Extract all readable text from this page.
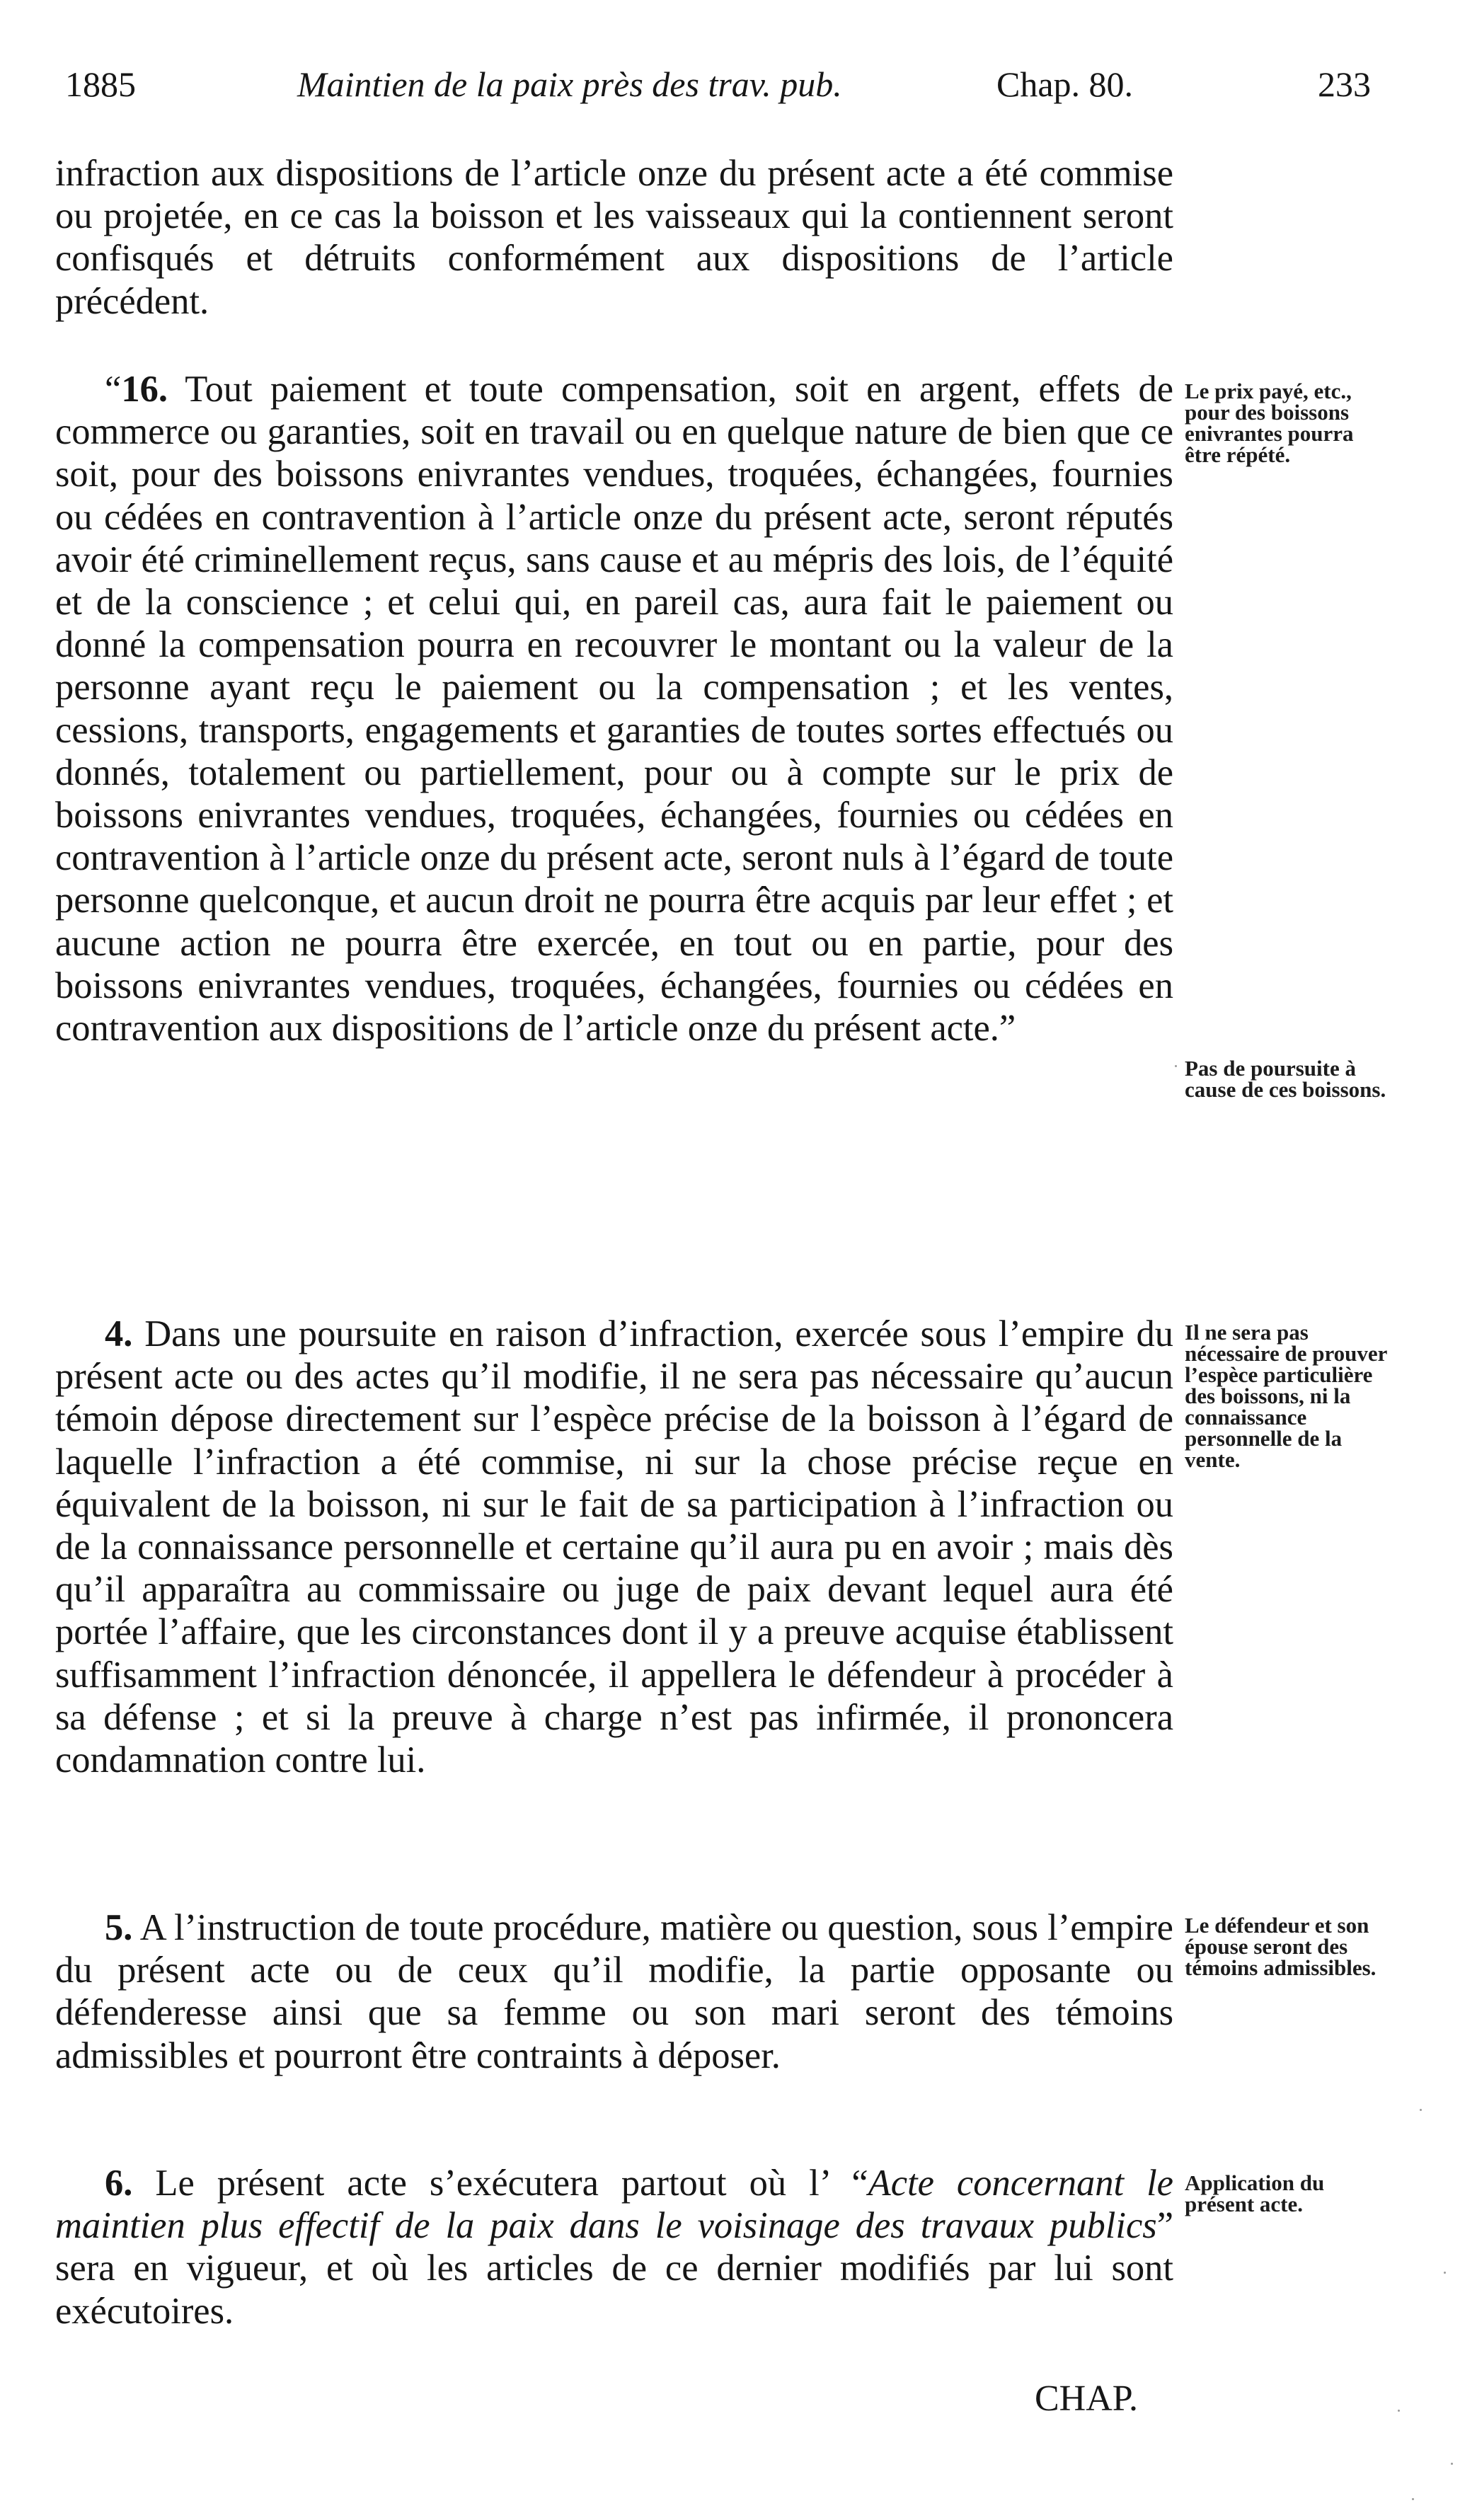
1885	Maintien de la paix près des trav. pub.	Chap. 80.	233

infraction aux dispositions de l’article onze du présent acte a été commise ou projetée, en ce cas la boisson et les vaisseaux qui la contiennent seront confisqués et détruits conformément aux dispositions de l’article précédent.

“16. Tout paiement et toute compensation, soit en argent, effets de commerce ou garanties, soit en travail ou en quelque nature de bien que ce soit, pour des boissons enivrantes vendues, troquées, échangées, fournies ou cédées en contravention à l’article onze du présent acte, seront réputés avoir été criminellement reçus, sans cause et au mépris des lois, de l’équité et de la conscience ; et celui qui, en pareil cas, aura fait le paiement ou donné la compensation pourra en recouvrer le montant ou la valeur de la personne ayant reçu le paiement ou la compensation ; et les ventes, cessions, transports, engagements et garanties de toutes sortes effectués ou donnés, totalement ou partiellement, pour ou à compte sur le prix de boissons enivrantes vendues, troquées, échangées, fournies ou cédées en contravention à l’article onze du présent acte, seront nuls à l’égard de toute personne quelconque, et aucun droit ne pourra être acquis par leur effet ; et aucune action ne pourra être exercée, en tout ou en partie, pour des boissons enivrantes vendues, troquées, échangées, fournies ou cédées en contravention aux dispositions de l’article onze du présent acte.”

4. Dans une poursuite en raison d’infraction, exercée sous l’empire du présent acte ou des actes qu’il modifie, il ne sera pas nécessaire qu’aucun témoin dépose directement sur l’espèce précise de la boisson à l’égard de laquelle l’infraction a été commise, ni sur la chose précise reçue en équivalent de la boisson, ni sur le fait de sa participation à l’infraction ou de la connaissance personnelle et certaine qu’il aura pu en avoir ; mais dès qu’il apparaîtra au commissaire ou juge de paix devant lequel aura été portée l’affaire, que les circonstances dont il y a preuve acquise établissent suffisamment l’infraction dénoncée, il appellera le défendeur à procéder à sa défense ; et si la preuve à charge n’est pas infirmée, il prononcera condamnation contre lui.

5. A l’instruction de toute procédure, matière ou question, sous l’empire du présent acte ou de ceux qu’il modifie, la partie opposante ou défenderesse ainsi que sa femme ou son mari seront des témoins admissibles et pourront être contraints à déposer.

6. Le présent acte s’exécutera partout où l’ “Acte concernant le maintien plus effectif de la paix dans le voisinage des travaux publics” sera en vigueur, et où les articles de ce dernier modifiés par lui sont exécutoires.

Le prix payé, etc., pour des boissons enivrantes pourra être répété.

Pas de poursuite à cause de ces boissons.

Il ne sera pas nécessaire de prouver l’espèce particulière des boissons, ni la connaissance personnelle de la vente.

Le défendeur et son épouse seront des témoins admissibles.

Application du présent acte.

CHAP.
